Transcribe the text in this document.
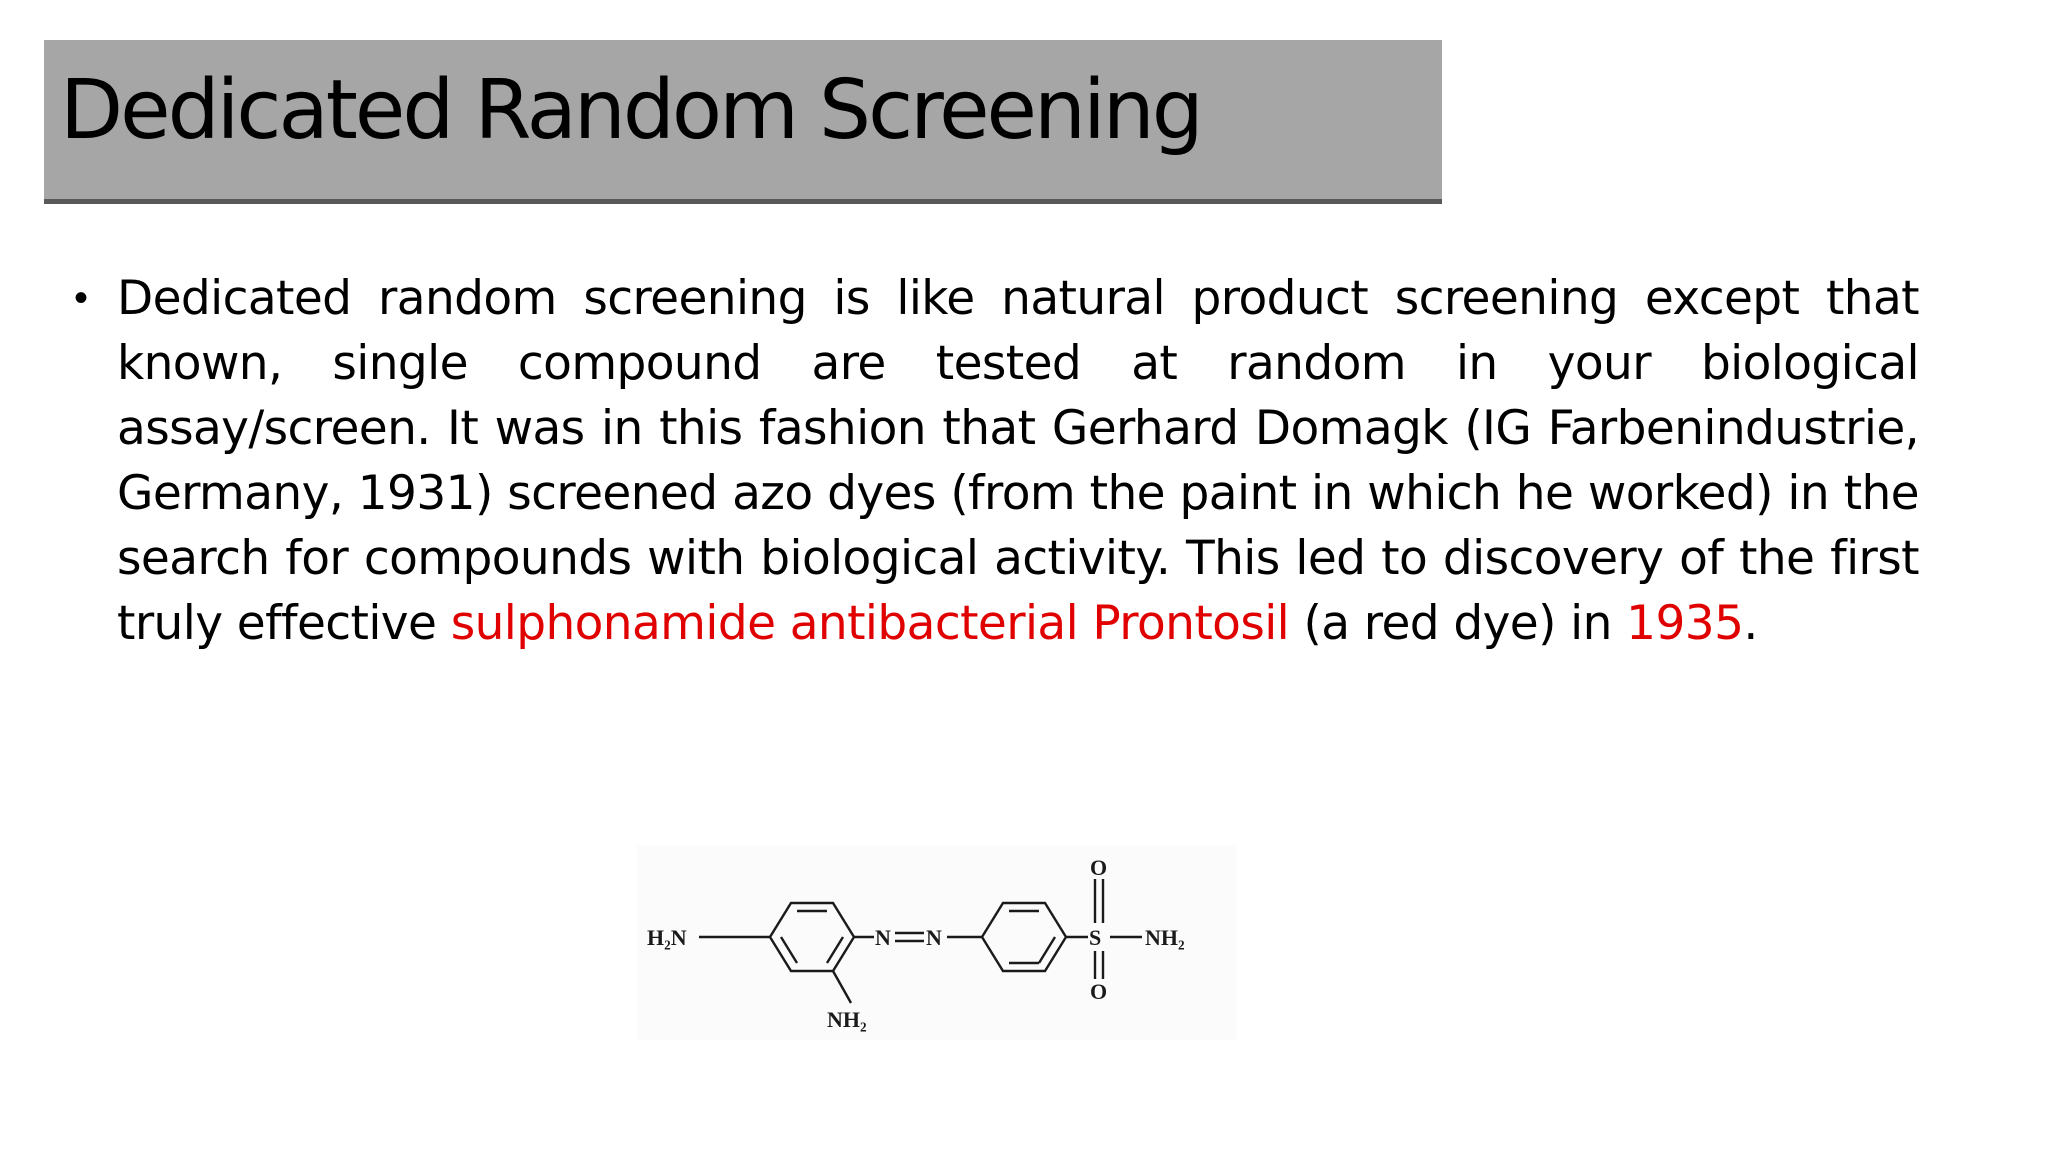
Dedicated Random Screening
• Dedicated random screening is like natural product screening except that known, single compound are tested at random in your biological assay/screen. It was in this fashion that Gerhard Domagk (IG Farbenindustrie, Germany, 1931) screened azo dyes (from the paint in which he worked) in the search for compounds with biological activity. This led to discovery of the first truly effective sulphonamide antibacterial Prontosil (a red dye) in 1935.

H₂N	N N	S NH₂
O
O
NH₂
